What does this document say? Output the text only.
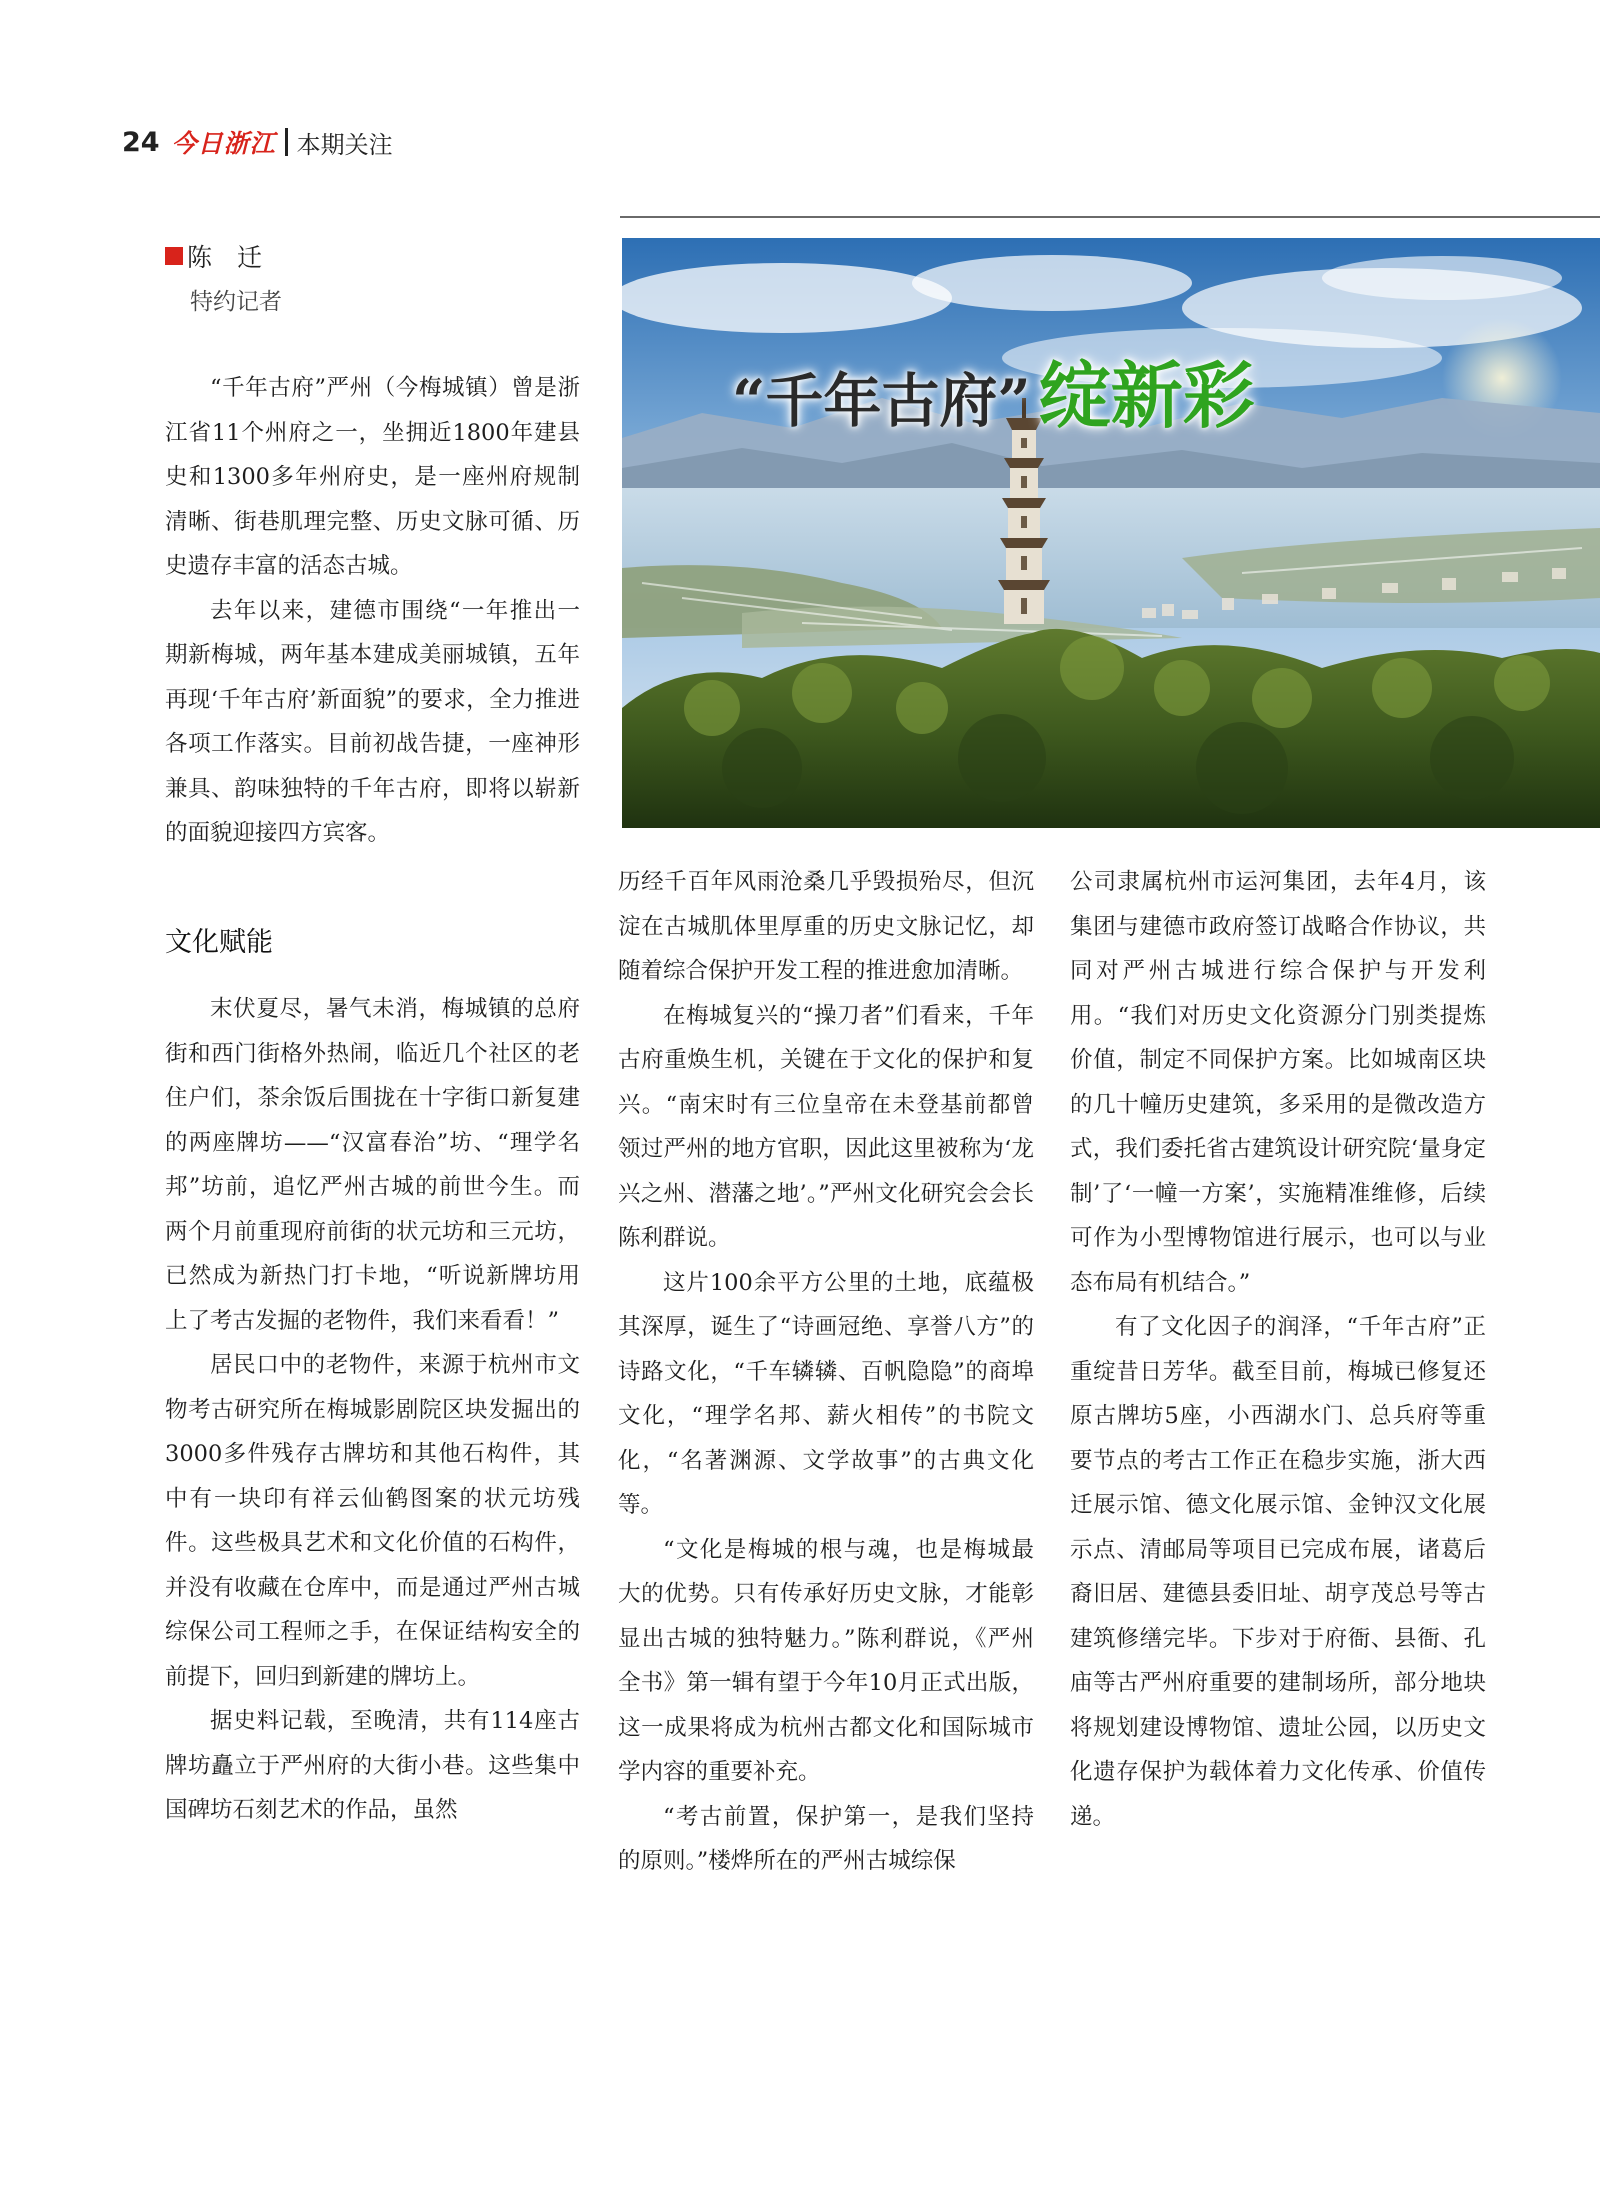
24 今日浙江 本期关注
陈　迁
特约记者

“千年古府”严州（今梅城镇）曾是浙江省11个州府之一，坐拥近1800年建县史和1300多年州府史，是一座州府规制清晰、街巷肌理完整、历史文脉可循、历史遗存丰富的活态古城。

去年以来，建德市围绕“一年推出一期新梅城，两年基本建成美丽城镇，五年再现‘千年古府’新面貌”的要求，全力推进各项工作落实。目前初战告捷，一座神形兼具、韵味独特的千年古府，即将以崭新的面貌迎接四方宾客。

文化赋能

末伏夏尽，暑气未消，梅城镇的总府街和西门街格外热闹，临近几个社区的老住户们，茶余饭后围拢在十字街口新复建的两座牌坊——“汉富春治”坊、“理学名邦”坊前，追忆严州古城的前世今生。而两个月前重现府前街的状元坊和三元坊，已然成为新热门打卡地，“听说新牌坊用上了考古发掘的老物件，我们来看看！”

居民口中的老物件，来源于杭州市文物考古研究所在梅城影剧院区块发掘出的3000多件残存古牌坊和其他石构件，其中有一块印有祥云仙鹤图案的状元坊残件。这些极具艺术和文化价值的石构件，并没有收藏在仓库中，而是通过严州古城综保公司工程师之手，在保证结构安全的前提下，回归到新建的牌坊上。

据史料记载，至晚清，共有114座古牌坊矗立于严州府的大街小巷。这些集中国碑坊石刻艺术的作品，虽然

历经千百年风雨沧桑几乎毁损殆尽，但沉淀在古城肌体里厚重的历史文脉记忆，却随着综合保护开发工程的推进愈加清晰。

在梅城复兴的“操刀者”们看来，千年古府重焕生机，关键在于文化的保护和复兴。“南宋时有三位皇帝在未登基前都曾领过严州的地方官职，因此这里被称为‘龙兴之州、潜藩之地’。”严州文化研究会会长陈利群说。

这片100余平方公里的土地，底蕴极其深厚，诞生了“诗画冠绝、享誉八方”的诗路文化，“千车辚辚、百帆隐隐”的商埠文化，“理学名邦、薪火相传”的书院文化，“名著渊源、文学故事”的古典文化等。

“文化是梅城的根与魂，也是梅城最大的优势。只有传承好历史文脉，才能彰显出古城的独特魅力。”陈利群说，《严州全书》第一辑有望于今年10月正式出版，这一成果将成为杭州古都文化和国际城市学内容的重要补充。

“考古前置，保护第一，是我们坚持的原则。”楼烨所在的严州古城综保

公司隶属杭州市运河集团，去年4月，该集团与建德市政府签订战略合作协议，共同对严州古城进行综合保护与开发利用。“我们对历史文化资源分门别类提炼价值，制定不同保护方案。比如城南区块的几十幢历史建筑，多采用的是微改造方式，我们委托省古建筑设计研究院‘量身定制’了‘一幢一方案’，实施精准维修，后续可作为小型博物馆进行展示，也可以与业态布局有机结合。”

有了文化因子的润泽，“千年古府”正重绽昔日芳华。截至目前，梅城已修复还原古牌坊5座，小西湖水门、总兵府等重要节点的考古工作正在稳步实施，浙大西迁展示馆、德文化展示馆、金钟汉文化展示点、清邮局等项目已完成布展，诸葛后裔旧居、建德县委旧址、胡亨茂总号等古建筑修缮完毕。下步对于府衙、县衙、孔庙等古严州府重要的建制场所，部分地块将规划建设博物馆、遗址公园，以历史文化遗存保护为载体着力文化传承、价值传递。

“千年古府” 绽新彩
